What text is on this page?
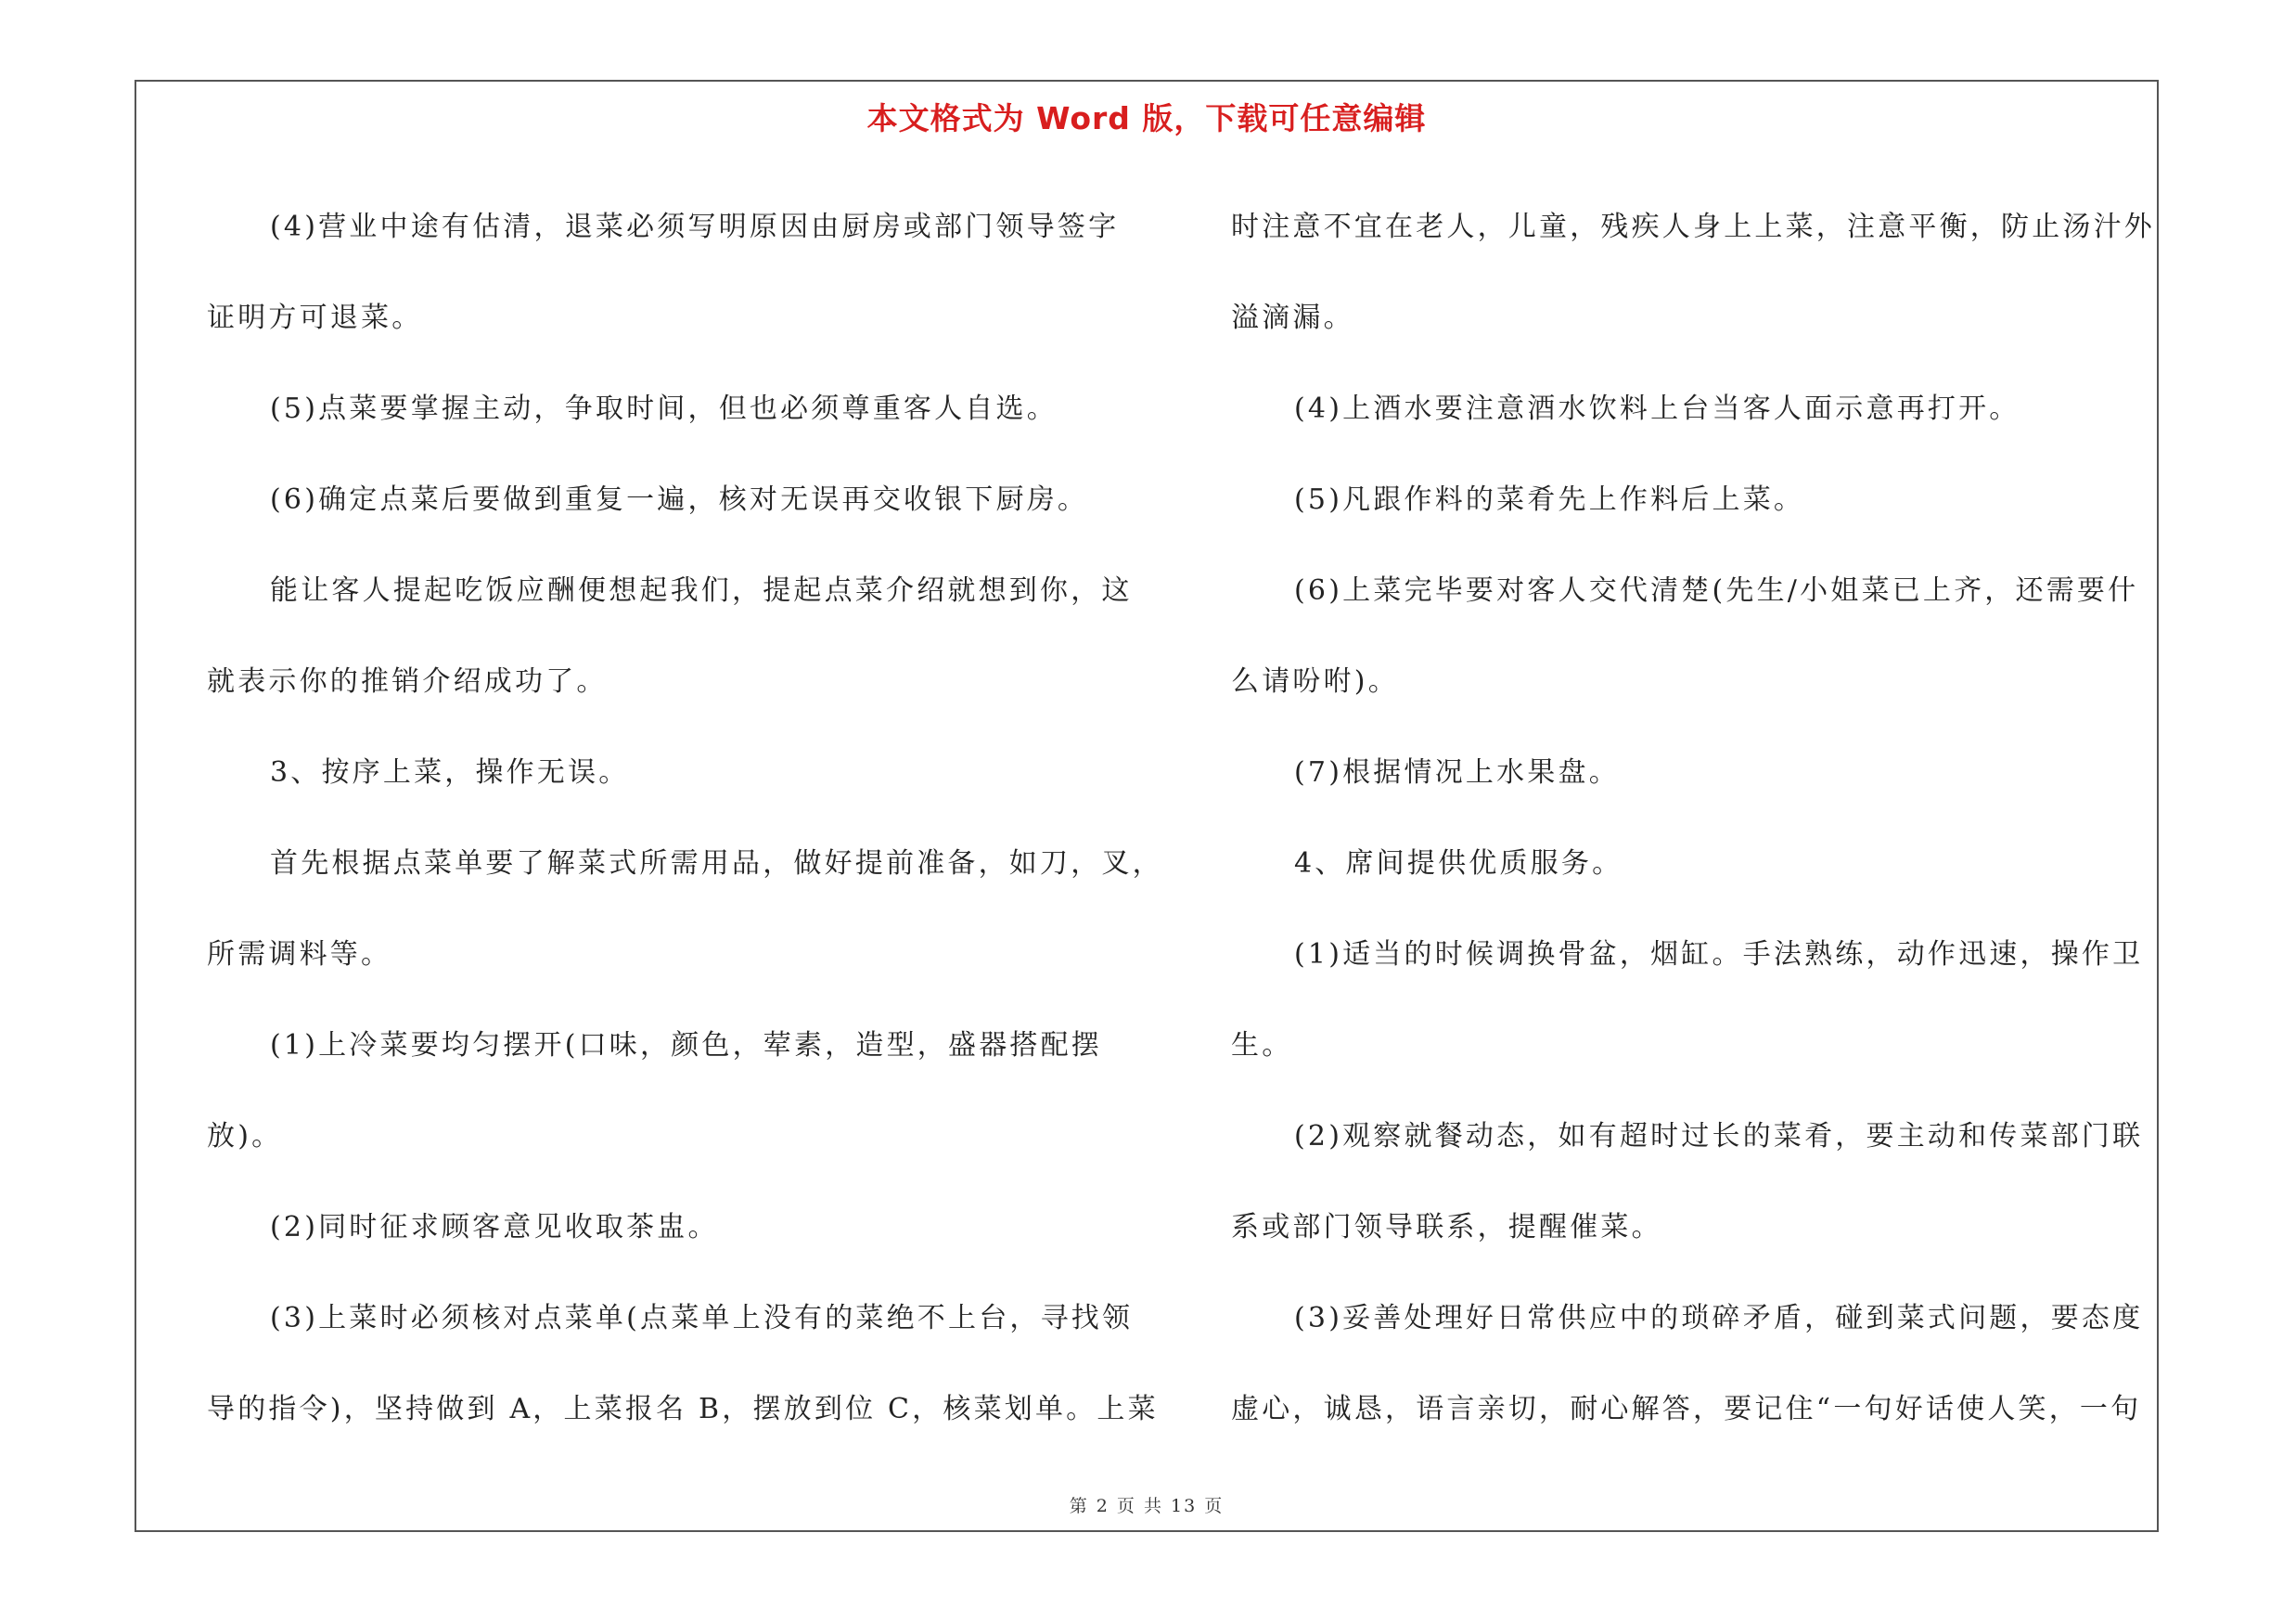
本文格式为 Word 版，下载可任意编辑
(4)营业中途有估清，退菜必须写明原因由厨房或部门领导签字
证明方可退菜。
(5)点菜要掌握主动，争取时间，但也必须尊重客人自选。
(6)确定点菜后要做到重复一遍，核对无误再交收银下厨房。
能让客人提起吃饭应酬便想起我们，提起点菜介绍就想到你，这
就表示你的推销介绍成功了。
3、按序上菜，操作无误。
首先根据点菜单要了解菜式所需用品，做好提前准备，如刀，叉，
所需调料等。
(1)上冷菜要均匀摆开(口味，颜色，荤素，造型，盛器搭配摆
放)。
(2)同时征求顾客意见收取茶盅。
(3)上菜时必须核对点菜单(点菜单上没有的菜绝不上台，寻找领
导的指令)，坚持做到 A，上菜报名 B，摆放到位 C，核菜划单。上菜
时注意不宜在老人，儿童，残疾人身上上菜，注意平衡，防止汤汁外
溢滴漏。
(4)上酒水要注意酒水饮料上台当客人面示意再打开。
(5)凡跟作料的菜肴先上作料后上菜。
(6)上菜完毕要对客人交代清楚(先生/小姐菜已上齐，还需要什
么请吩咐)。
(7)根据情况上水果盘。
4、席间提供优质服务。
(1)适当的时候调换骨盆，烟缸。手法熟练，动作迅速，操作卫
生。
(2)观察就餐动态，如有超时过长的菜肴，要主动和传菜部门联
系或部门领导联系，提醒催菜。
(3)妥善处理好日常供应中的琐碎矛盾，碰到菜式问题，要态度
虚心，诚恳，语言亲切，耐心解答，要记住“一句好话使人笑，一句
第 2 页 共 13 页
